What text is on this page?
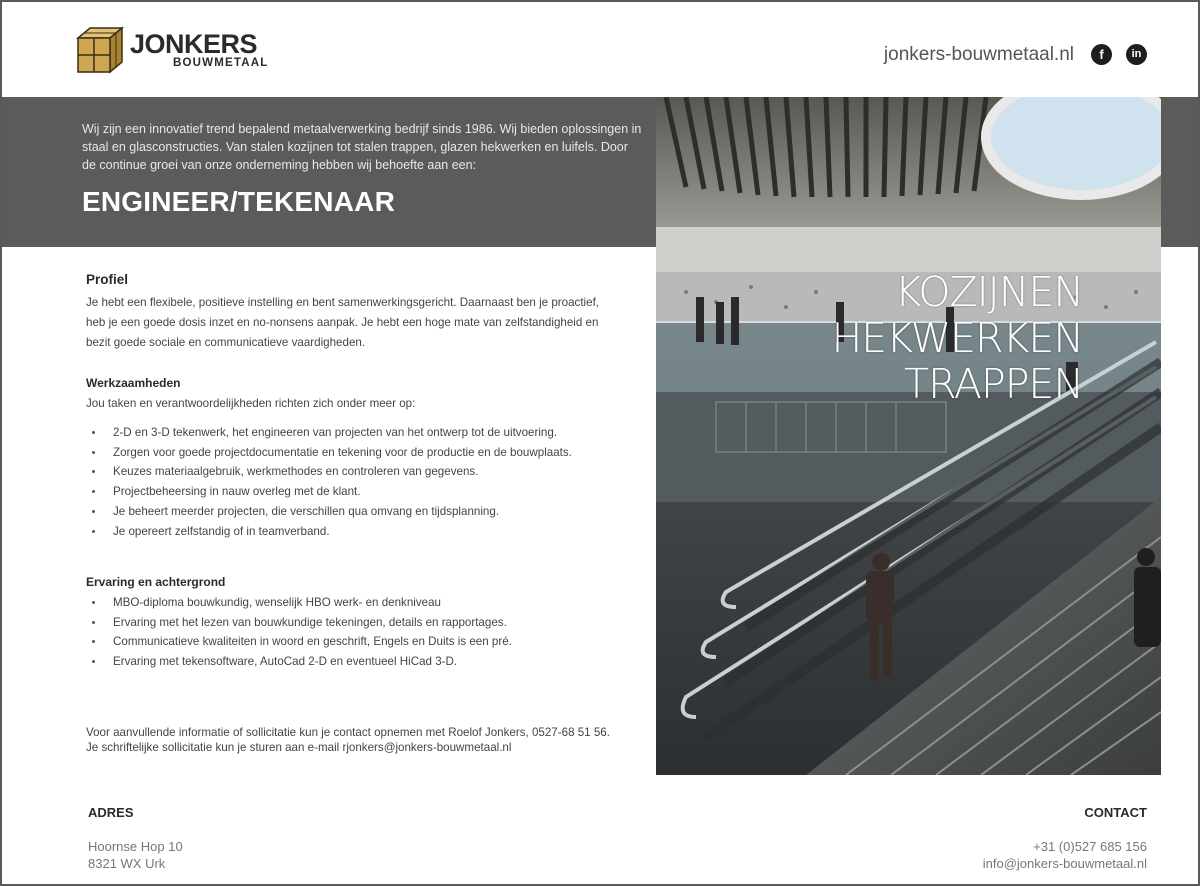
JONKERS
BOUWMETAAL	jonkers-bouwmetaal.nl	f	in

Wij zijn een innovatief trend bepalend metaalverwerking bedrijf sinds 1986. Wij bieden oplossingen in staal en glasconstructies. Van stalen kozijnen tot stalen trappen, glazen hekwerken en luifels. Door de continue groei van onze onderneming hebben wij behoefte aan een:

ENGINEER/TEKENAAR
KOZIJNEN
HEKWERKEN
TRAPPEN
Profiel

Je hebt een flexibele, positieve instelling en bent samenwerkingsgericht. Daarnaast ben je proactief,

heb je een goede dosis inzet en no-nonsens aanpak. Je hebt een hoge mate van zelfstandigheid en

bezit goede sociale en communicatieve vaardigheden.

Werkzaamheden

Jou taken en verantwoordelijkheden richten zich onder meer op:

2-D en 3-D tekenwerk, het engineeren van projecten van het ontwerp tot de uitvoering.
Zorgen voor goede projectdocumentatie en tekening voor de productie en de bouwplaats.
Keuzes materiaalgebruik, werkmethodes en controleren van gegevens.
Projectbeheersing in nauw overleg met de klant.
Je beheert meerder projecten, die verschillen qua omvang en tijdsplanning.
Je opereert zelfstandig of in teamverband.
Ervaring en achtergrond
MBO-diploma bouwkundig, wenselijk HBO werk- en denkniveau
Ervaring met het lezen van bouwkundige tekeningen, details en rapportages.
Communicatieve kwaliteiten in woord en geschrift, Engels en Duits is een pré.
Ervaring met tekensoftware, AutoCad 2-D en eventueel HiCad 3-D.

Voor aanvullende informatie of sollicitatie kun je contact opnemen met Roelof Jonkers, 0527-68 51 56.

Je schriftelijke sollicitatie kun je sturen aan e-mail rjonkers@jonkers-bouwmetaal.nl

ADRES
Hoornse Hop 10
8321 WX Urk
CONTACT
+31 (0)527 685 156
info@jonkers-bouwmetaal.nl
